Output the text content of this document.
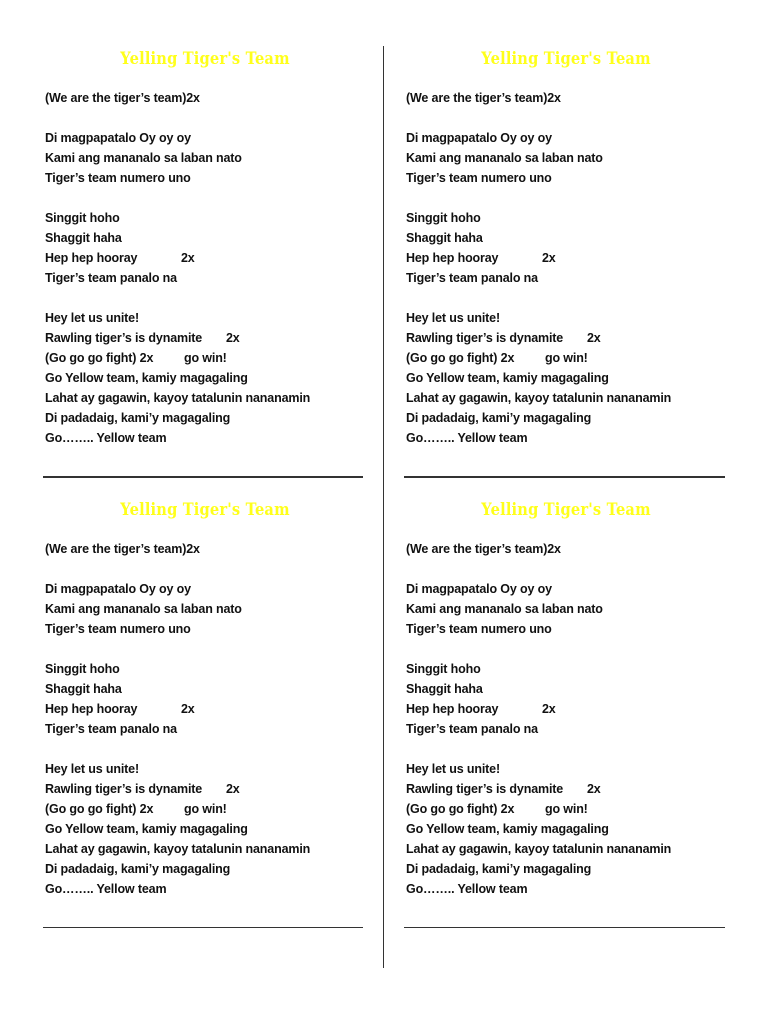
Yelling Tiger's Team
(We are the tiger’s team)2x
Di magpapatalo Oy oy oy
Kami ang mananalo sa laban nato
Tiger’s team numero uno
Singgit hoho
Shaggit haha
Hep hep hooray	2x
Tiger’s team panalo na
Hey let us unite!
Rawling tiger’s is dynamite 2x
(Go go go fight) 2x go win!
Go Yellow team, kamiy magagaling
Lahat ay gagawin, kayoy tatalunin nananamin
Di padadaig, kami’y magagaling
Go…….. Yellow team
Yelling Tiger's Team
(We are the tiger’s team)2x
Di magpapatalo Oy oy oy
Kami ang mananalo sa laban nato
Tiger’s team numero uno
Singgit hoho
Shaggit haha
Hep hep hooray	2x
Tiger’s team panalo na
Hey let us unite!
Rawling tiger’s is dynamite 2x
(Go go go fight) 2x go win!
Go Yellow team, kamiy magagaling
Lahat ay gagawin, kayoy tatalunin nananamin
Di padadaig, kami’y magagaling
Go…….. Yellow team
Yelling Tiger's Team
(We are the tiger’s team)2x
Di magpapatalo Oy oy oy
Kami ang mananalo sa laban nato
Tiger’s team numero uno
Singgit hoho
Shaggit haha
Hep hep hooray	2x
Tiger’s team panalo na
Hey let us unite!
Rawling tiger’s is dynamite 2x
(Go go go fight) 2x go win!
Go Yellow team, kamiy magagaling
Lahat ay gagawin, kayoy tatalunin nananamin
Di padadaig, kami’y magagaling
Go…….. Yellow team
Yelling Tiger's Team
(We are the tiger’s team)2x
Di magpapatalo Oy oy oy
Kami ang mananalo sa laban nato
Tiger’s team numero uno
Singgit hoho
Shaggit haha
Hep hep hooray	2x
Tiger’s team panalo na
Hey let us unite!
Rawling tiger’s is dynamite 2x
(Go go go fight) 2x go win!
Go Yellow team, kamiy magagaling
Lahat ay gagawin, kayoy tatalunin nananamin
Di padadaig, kami’y magagaling
Go…….. Yellow team
